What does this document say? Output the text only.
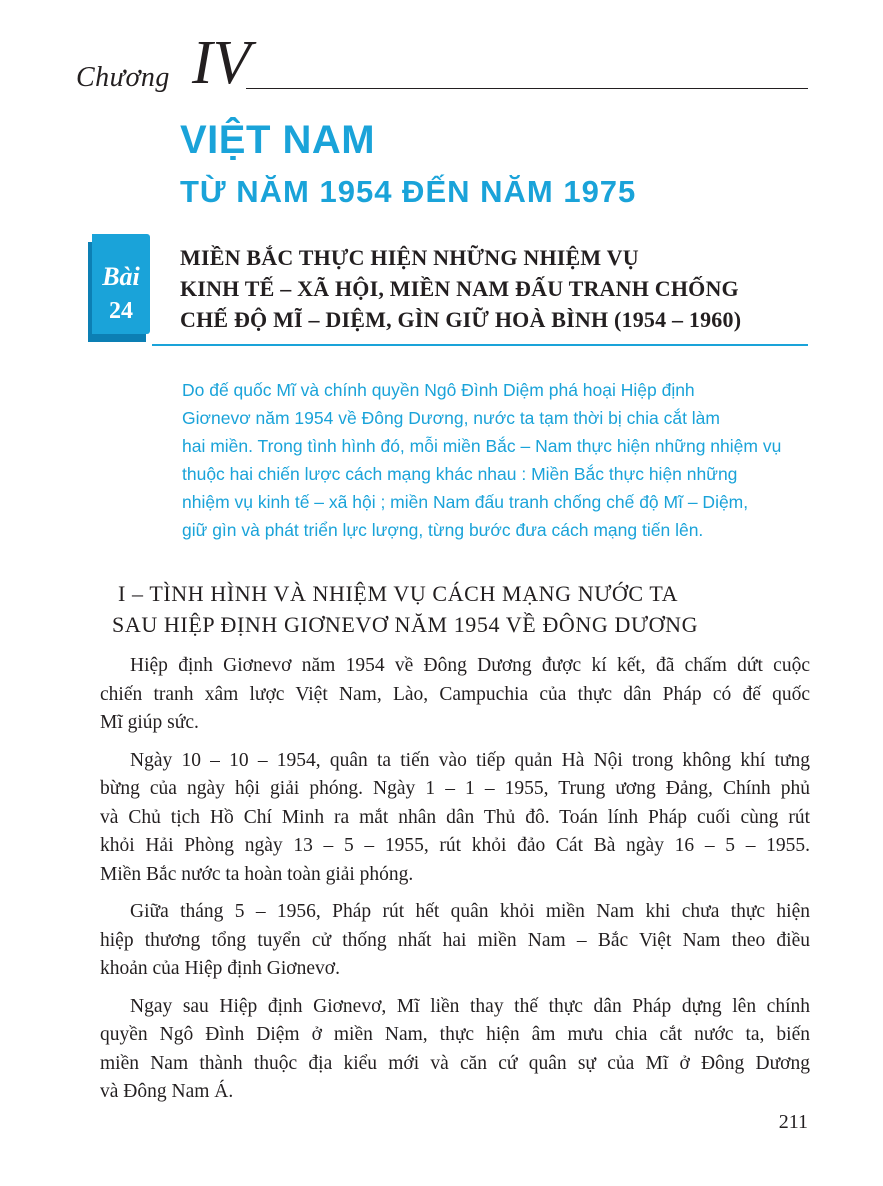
Chương IV
VIỆT NAM
TỪ NĂM 1954 ĐẾN NĂM 1975
Bài
24
MIỀN BẮC THỰC HIỆN NHỮNG NHIỆM VỤ
KINH TẾ – XÃ HỘI, MIỀN NAM ĐẤU TRANH CHỐNG
CHẾ ĐỘ MĨ – DIỆM, GÌN GIỮ HOÀ BÌNH (1954 – 1960)

Do đế quốc Mĩ và chính quyền Ngô Đình Diệm phá hoại Hiệp định

Giơnevơ năm 1954 về Đông Dương, nước ta tạm thời bị chia cắt làm

hai miền. Trong tình hình đó, mỗi miền Bắc – Nam thực hiện những nhiệm vụ

thuộc hai chiến lược cách mạng khác nhau : Miền Bắc thực hiện những

nhiệm vụ kinh tế – xã hội ; miền Nam đấu tranh chống chế độ Mĩ – Diệm,

giữ gìn và phát triển lực lượng, từng bước đưa cách mạng tiến lên.

I – TÌNH HÌNH VÀ NHIỆM VỤ CÁCH MẠNG NƯỚC TA
SAU HIỆP ĐỊNH GIƠNEVƠ NĂM 1954 VỀ ĐÔNG DƯƠNG
Hiệp định Giơnevơ năm 1954 về Đông Dương được kí kết, đã chấm dứt cuộc
chiến tranh xâm lược Việt Nam, Lào, Campuchia của thực dân Pháp có đế quốc
Mĩ giúp sức.
Ngày 10 – 10 – 1954, quân ta tiến vào tiếp quản Hà Nội trong không khí tưng
bừng của ngày hội giải phóng. Ngày 1 – 1 – 1955, Trung ương Đảng, Chính phủ
và Chủ tịch Hồ Chí Minh ra mắt nhân dân Thủ đô. Toán lính Pháp cuối cùng rút
khỏi Hải Phòng ngày 13 – 5 – 1955, rút khỏi đảo Cát Bà ngày 16 – 5 – 1955.
Miền Bắc nước ta hoàn toàn giải phóng.
Giữa tháng 5 – 1956, Pháp rút hết quân khỏi miền Nam khi chưa thực hiện
hiệp thương tổng tuyển cử thống nhất hai miền Nam – Bắc Việt Nam theo điều
khoản của Hiệp định Giơnevơ.
Ngay sau Hiệp định Giơnevơ, Mĩ liền thay thế thực dân Pháp dựng lên chính
quyền Ngô Đình Diệm ở miền Nam, thực hiện âm mưu chia cắt nước ta, biến
miền Nam thành thuộc địa kiểu mới và căn cứ quân sự của Mĩ ở Đông Dương
và Đông Nam Á.
211
